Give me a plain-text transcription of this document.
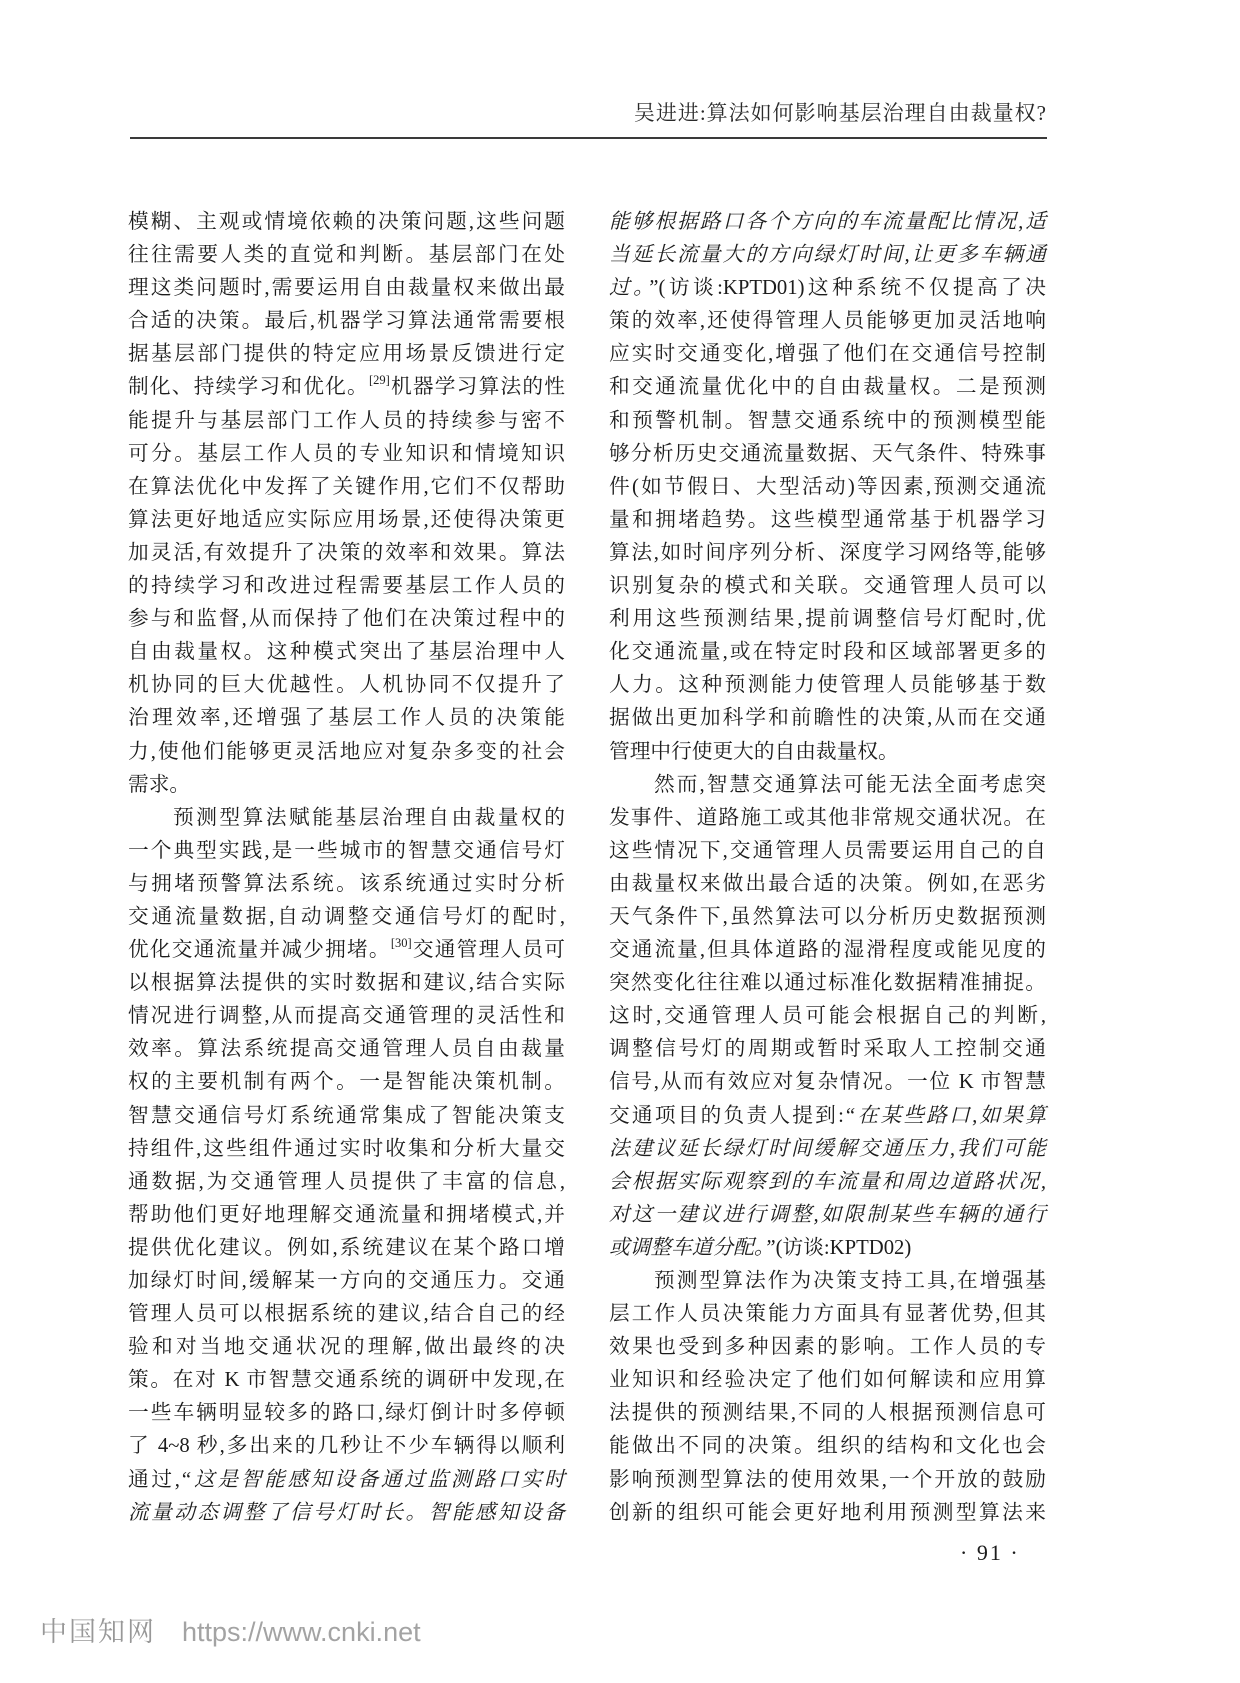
吴进进:算法如何影响基层治理自由裁量权?
模糊、主观或情境依赖的决策问题,这些问题
往往需要人类的直觉和判断。基层部门在处
理这类问题时,需要运用自由裁量权来做出最
合适的决策。最后,机器学习算法通常需要根
据基层部门提供的特定应用场景反馈进行定
制化、持续学习和优化。[29]机器学习算法的性
能提升与基层部门工作人员的持续参与密不
可分。基层工作人员的专业知识和情境知识
在算法优化中发挥了关键作用,它们不仅帮助
算法更好地适应实际应用场景,还使得决策更
加灵活,有效提升了决策的效率和效果。算法
的持续学习和改进过程需要基层工作人员的
参与和监督,从而保持了他们在决策过程中的
自由裁量权。这种模式突出了基层治理中人
机协同的巨大优越性。人机协同不仅提升了
治理效率,还增强了基层工作人员的决策能
力,使他们能够更灵活地应对复杂多变的社会
需求。
预测型算法赋能基层治理自由裁量权的
一个典型实践,是一些城市的智慧交通信号灯
与拥堵预警算法系统。该系统通过实时分析
交通流量数据,自动调整交通信号灯的配时,
优化交通流量并减少拥堵。[30]交通管理人员可
以根据算法提供的实时数据和建议,结合实际
情况进行调整,从而提高交通管理的灵活性和
效率。算法系统提高交通管理人员自由裁量
权的主要机制有两个。一是智能决策机制。
智慧交通信号灯系统通常集成了智能决策支
持组件,这些组件通过实时收集和分析大量交
通数据,为交通管理人员提供了丰富的信息,
帮助他们更好地理解交通流量和拥堵模式,并
提供优化建议。例如,系统建议在某个路口增
加绿灯时间,缓解某一方向的交通压力。交通
管理人员可以根据系统的建议,结合自己的经
验和对当地交通状况的理解,做出最终的决
策。在对 K 市智慧交通系统的调研中发现,在
一些车辆明显较多的路口,绿灯倒计时多停顿
了 4~8 秒,多出来的几秒让不少车辆得以顺利
通过,“这是智能感知设备通过监测路口实时
流量动态调整了信号灯时长。智能感知设备
能够根据路口各个方向的车流量配比情况,适
当延长流量大的方向绿灯时间,让更多车辆通
过。”(访谈:KPTD01)这种系统不仅提高了决
策的效率,还使得管理人员能够更加灵活地响
应实时交通变化,增强了他们在交通信号控制
和交通流量优化中的自由裁量权。二是预测
和预警机制。智慧交通系统中的预测模型能
够分析历史交通流量数据、天气条件、特殊事
件(如节假日、大型活动)等因素,预测交通流
量和拥堵趋势。这些模型通常基于机器学习
算法,如时间序列分析、深度学习网络等,能够
识别复杂的模式和关联。交通管理人员可以
利用这些预测结果,提前调整信号灯配时,优
化交通流量,或在特定时段和区域部署更多的
人力。这种预测能力使管理人员能够基于数
据做出更加科学和前瞻性的决策,从而在交通
管理中行使更大的自由裁量权。
然而,智慧交通算法可能无法全面考虑突
发事件、道路施工或其他非常规交通状况。在
这些情况下,交通管理人员需要运用自己的自
由裁量权来做出最合适的决策。例如,在恶劣
天气条件下,虽然算法可以分析历史数据预测
交通流量,但具体道路的湿滑程度或能见度的
突然变化往往难以通过标准化数据精准捕捉。
这时,交通管理人员可能会根据自己的判断,
调整信号灯的周期或暂时采取人工控制交通
信号,从而有效应对复杂情况。一位 K 市智慧
交通项目的负责人提到:“在某些路口,如果算
法建议延长绿灯时间缓解交通压力,我们可能
会根据实际观察到的车流量和周边道路状况,
对这一建议进行调整,如限制某些车辆的通行
或调整车道分配。”(访谈:KPTD02)
预测型算法作为决策支持工具,在增强基
层工作人员决策能力方面具有显著优势,但其
效果也受到多种因素的影响。工作人员的专
业知识和经验决定了他们如何解读和应用算
法提供的预测结果,不同的人根据预测信息可
能做出不同的决策。组织的结构和文化也会
影响预测型算法的使用效果,一个开放的鼓励
创新的组织可能会更好地利用预测型算法来
· 91 ·
中国知网 https://www.cnki.net
